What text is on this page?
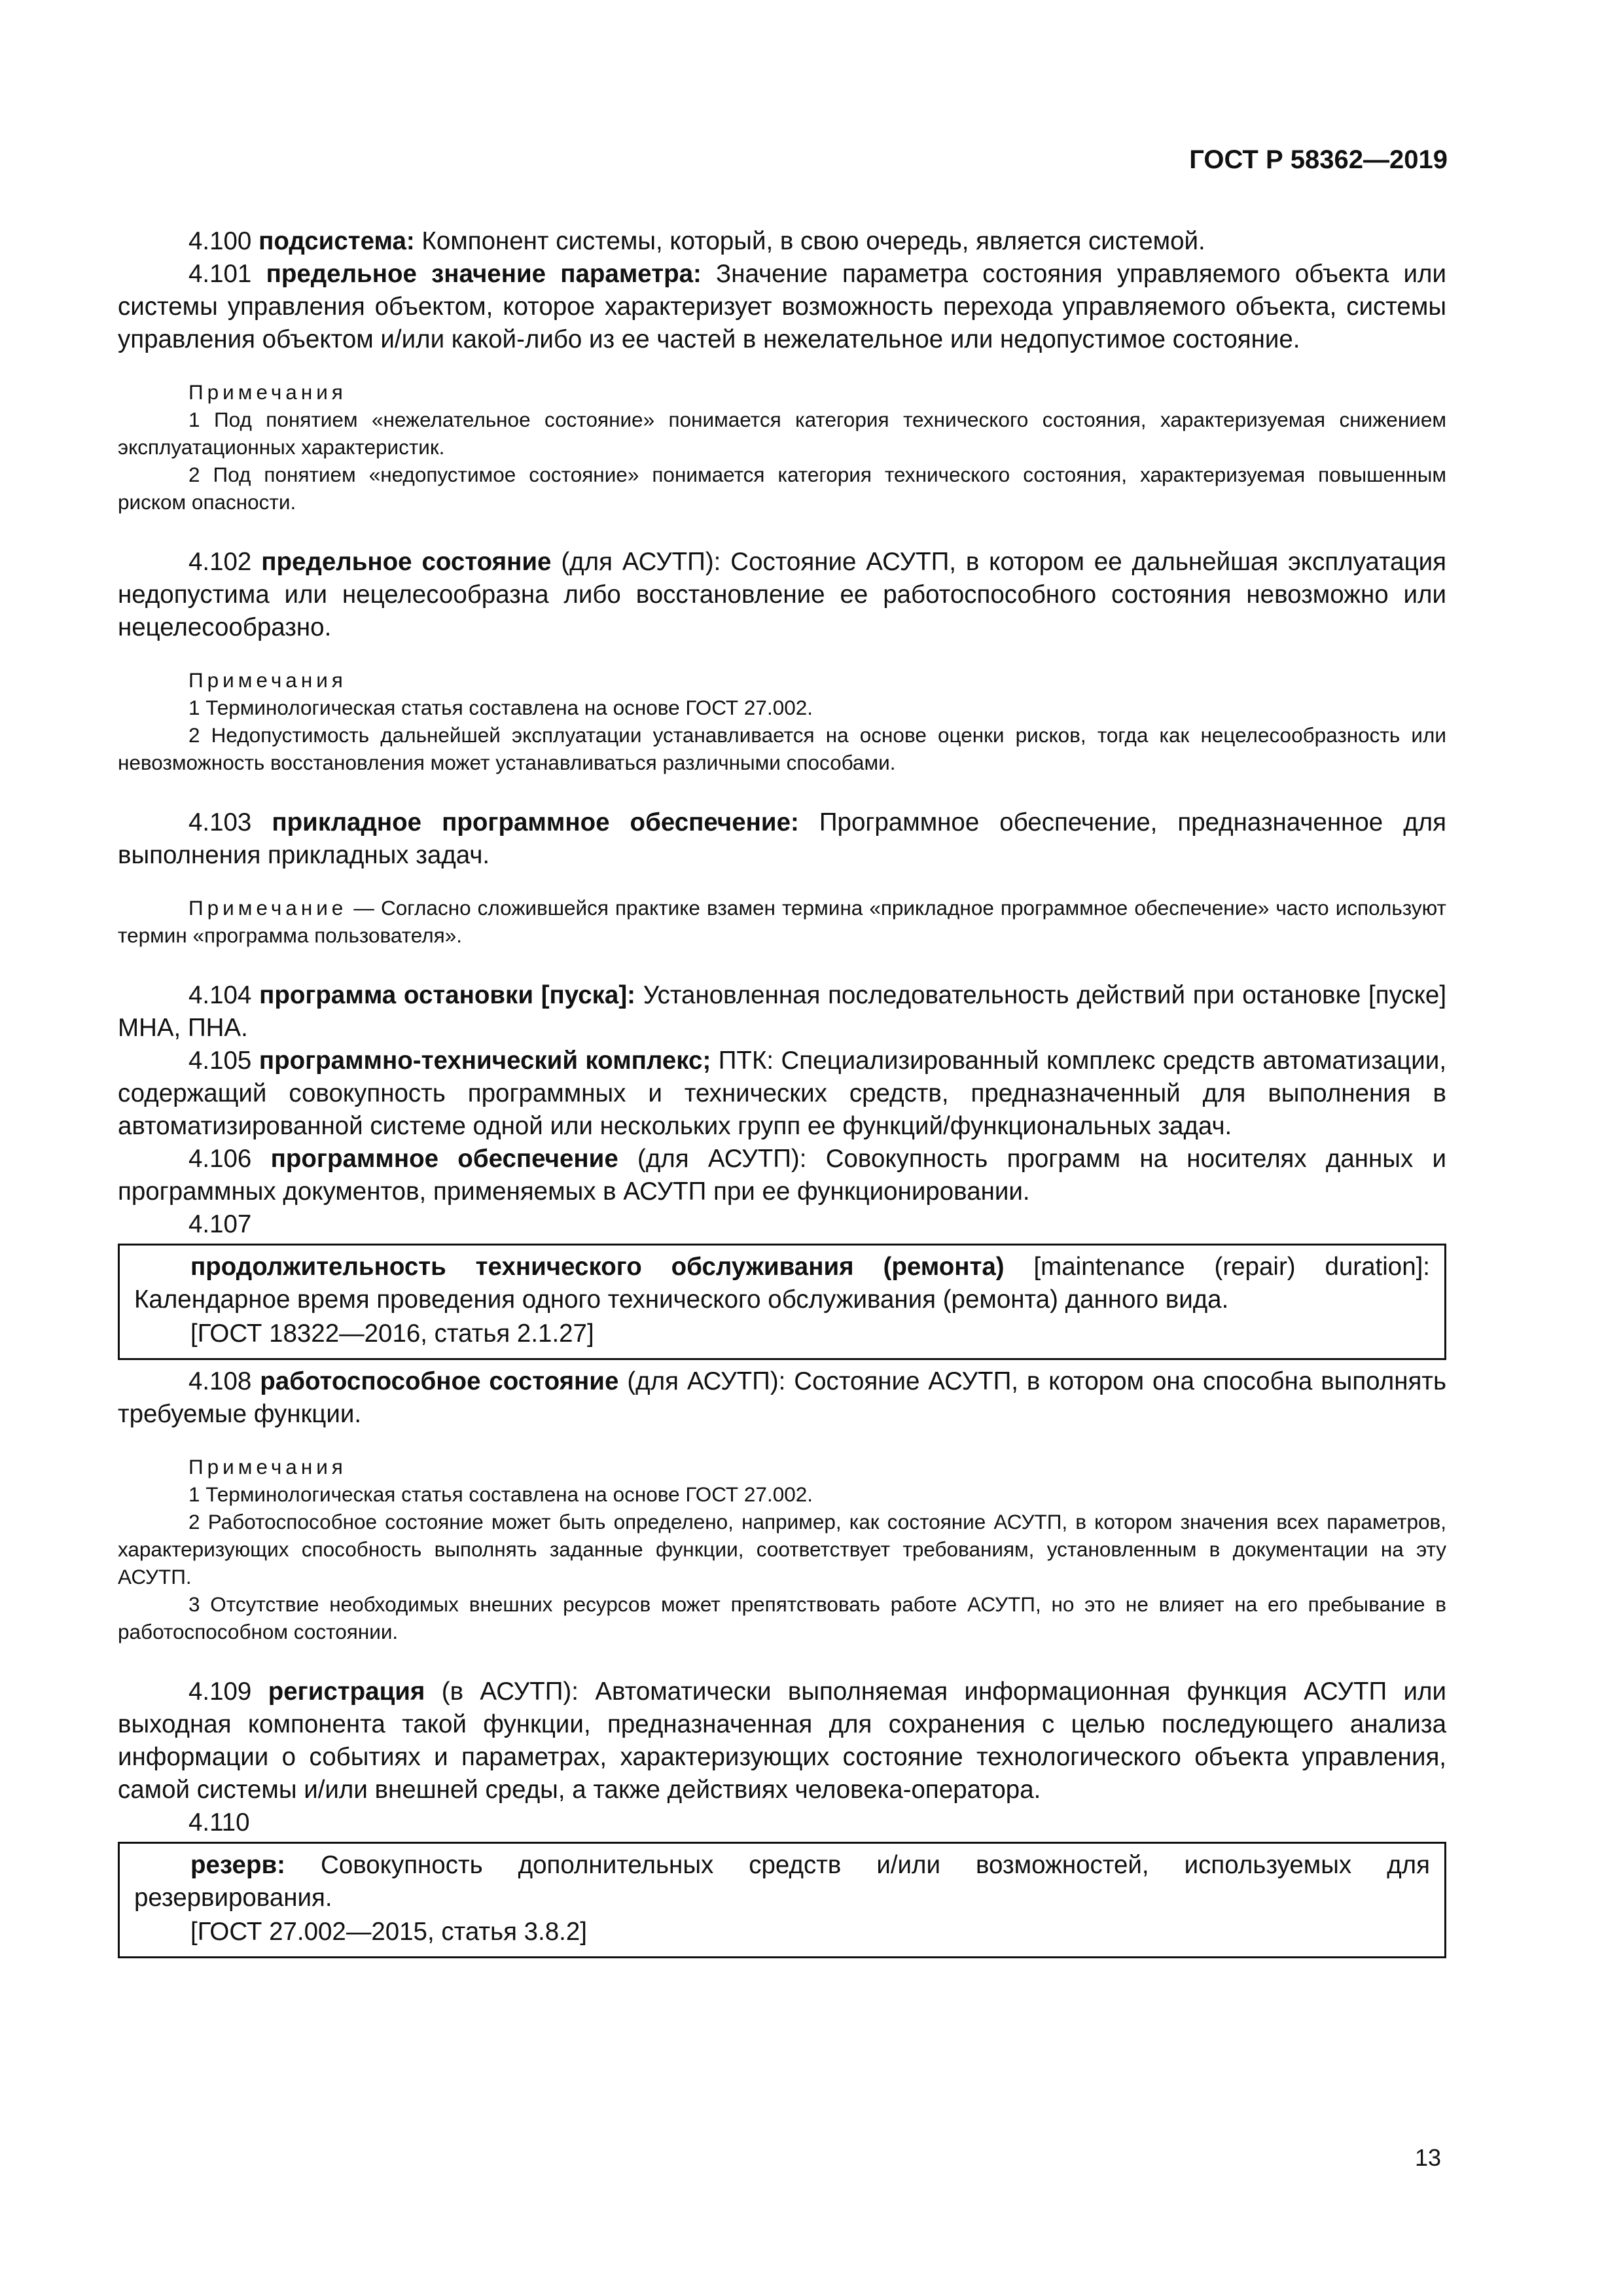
ГОСТ Р 58362—2019

4.100 подсистема: Компонент системы, который, в свою очередь, является системой.

4.101 предельное значение параметра: Значение параметра состояния управляемого объекта или системы управления объектом, которое характеризует возможность перехода управляемого объекта, системы управления объектом и/или какой-либо из ее частей в нежелательное или недопустимое состояние.

Примечания

1 Под понятием «нежелательное состояние» понимается категория технического состояния, характеризуемая снижением эксплуатационных характеристик.

2 Под понятием «недопустимое состояние» понимается категория технического состояния, характеризуемая повышенным риском опасности.

4.102 предельное состояние (для АСУТП): Состояние АСУТП, в котором ее дальнейшая эксплуатация недопустима или нецелесообразна либо восстановление ее работоспособного состояния невозможно или нецелесообразно.

Примечания

1 Терминологическая статья составлена на основе ГОСТ 27.002.

2 Недопустимость дальнейшей эксплуатации устанавливается на основе оценки рисков, тогда как нецелесообразность или невозможность восстановления может устанавливаться различными способами.

4.103 прикладное программное обеспечение: Программное обеспечение, предназначенное для выполнения прикладных задач.

Примечание — Согласно сложившейся практике взамен термина «прикладное программное обеспечение» часто используют термин «программа пользователя».

4.104 программа остановки [пуска]: Установленная последовательность действий при остановке [пуске] МНА, ПНА.

4.105 программно-технический комплекс; ПТК: Специализированный комплекс средств автоматизации, содержащий совокупность программных и технических средств, предназначенный для выполнения в автоматизированной системе одной или нескольких групп ее функций/функциональных задач.

4.106 программное обеспечение (для АСУТП): Совокупность программ на носителях данных и программных документов, применяемых в АСУТП при ее функционировании.

4.107

продолжительность технического обслуживания (ремонта) [maintenance (repair) duration]: Календарное время проведения одного технического обслуживания (ремонта) данного вида.

[ГОСТ 18322—2016, статья 2.1.27]

4.108 работоспособное состояние (для АСУТП): Состояние АСУТП, в котором она способна выполнять требуемые функции.

Примечания

1 Терминологическая статья составлена на основе ГОСТ 27.002.

2 Работоспособное состояние может быть определено, например, как состояние АСУТП, в котором значения всех параметров, характеризующих способность выполнять заданные функции, соответствует требованиям, установленным в документации на эту АСУТП.

3 Отсутствие необходимых внешних ресурсов может препятствовать работе АСУТП, но это не влияет на его пребывание в работоспособном состоянии.

4.109 регистрация (в АСУТП): Автоматически выполняемая информационная функция АСУТП или выходная компонента такой функции, предназначенная для сохранения с целью последующего анализа информации о событиях и параметрах, характеризующих состояние технологического объекта управления, самой системы и/или внешней среды, а также действиях человека-оператора.

4.110

резерв: Совокупность дополнительных средств и/или возможностей, используемых для резервирования.

[ГОСТ 27.002—2015, статья 3.8.2]

13
